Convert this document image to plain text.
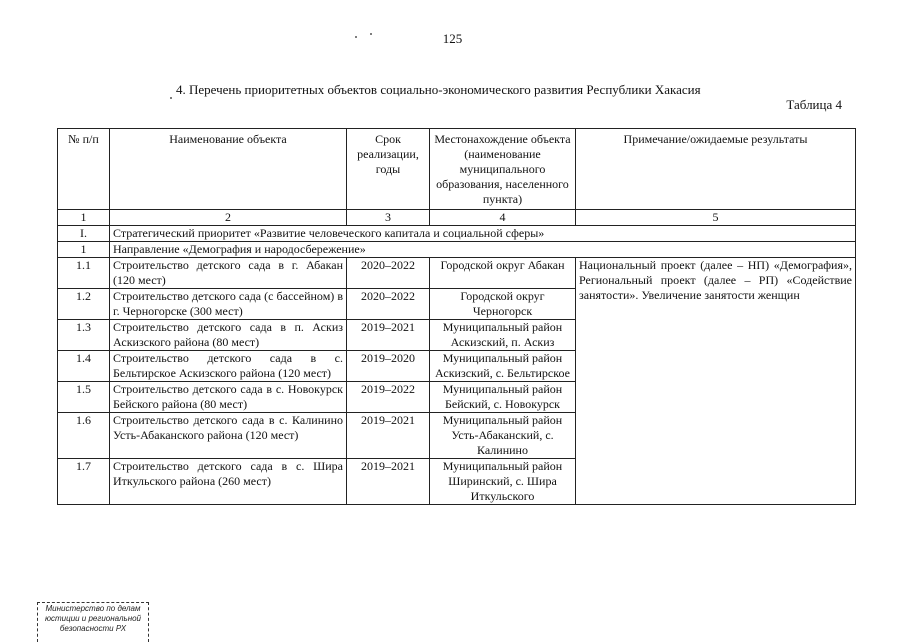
125
4. Перечень приоритетных объектов социально-экономического развития Республики Хакасия
Таблица 4
№ п/п	Наименование объекта	Срок реализации, годы	Местонахождение объекта (наименование муниципального образования, населенного пункта)	Примечание/ожидаемые результаты
1	2	3	4	5
I.	Стратегический приоритет «Развитие человеческого капитала и социальной сферы»			
1	Направление «Демография и народосбережение»			
1.1	Строительство детского сада в г. Абакан (120 мест)	2020–2022	Городской округ Абакан	Национальный проект (далее – НП) «Демография», Региональный проект (далее – РП) «Содействие занятости». Увеличение занятости женщин
1.2	Строительство детского сада (с бассейном) в г. Черногорске (300 мест)	2020–2022	Городской округ Черногорск	
1.3	Строительство детского сада в п. Аскиз Аскизского района (80 мест)	2019–2021	Муниципальный район Аскизский, п. Аскиз	
1.4	Строительство детского сада в с. Бельтирское Аскизского района (120 мест)	2019–2020	Муниципальный район Аскизский, с. Бельтирское	
1.5	Строительство детского сада в с. Новокурск Бейского района (80 мест)	2019–2022	Муниципальный район Бейский, с. Новокурск	
1.6	Строительство детского сада в с. Калинино Усть-Абаканского района (120 мест)	2019–2021	Муниципальный район Усть-Абаканский, с. Калинино	
1.7	Строительство детского сада в с. Шира Иткульского района (260 мест)	2019–2021	Муниципальный район Ширинский, с. Шира Иткульского	
Министерство по делам
юстиции и региональной
безопасности РХ
